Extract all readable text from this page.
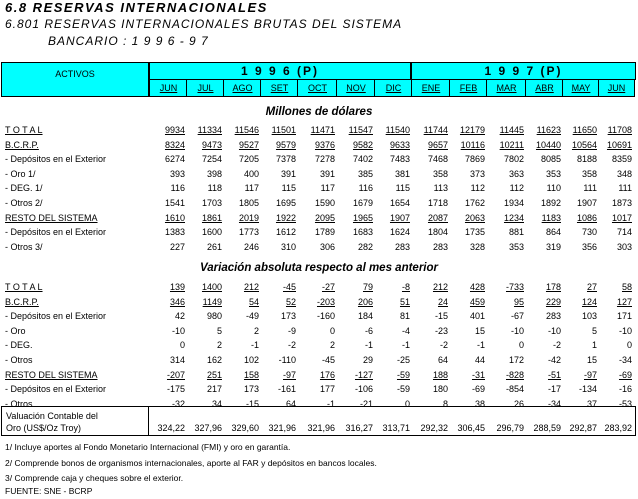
6.8 RESERVAS INTERNACIONALES
6.801 RESERVAS INTERNACIONALES BRUTAS DEL SISTEMA
BANCARIO : 1 9 9 6 - 9 7
ACTIVOS	1 9 9 6 (P)	1 9 9 7 (P)
JUN	JUL	AGO	SET	OCT	NOV	DIC	ENE	FEB	MAR	ABR	MAY	JUN
T O T A L	9934	11334	11546	11501	11471	11547	11540	11744	12179	11445	11623	11650	11708
B.C.R.P.	8324	9473	9527	9579	9376	9582	9633	9657	10116	10211	10440	10564	10691
- Depósitos en el Exterior	6274	7254	7205	7378	7278	7402	7483	7468	7869	7802	8085	8188	8359
- Oro 1/	393	398	400	391	391	385	381	358	373	363	353	358	348
- DEG. 1/	116	118	117	115	117	116	115	113	112	112	110	111	111
- Otros 2/	1541	1703	1805	1695	1590	1679	1654	1718	1762	1934	1892	1907	1873
RESTO DEL SISTEMA	1610	1861	2019	1922	2095	1965	1907	2087	2063	1234	1183	1086	1017
- Depósitos en el Exterior	1383	1600	1773	1612	1789	1683	1624	1804	1735	881	864	730	714
- Otros 3/	227	261	246	310	306	282	283	283	328	353	319	356	303
T O T A L	139	1400	212	-45	-27	79	-8	212	428	-733	178	27	58
B.C.R.P.	346	1149	54	52	-203	206	51	24	459	95	229	124	127
- Depósitos en el Exterior	42	980	-49	173	-160	184	81	-15	401	-67	283	103	171
- Oro	-10	5	2	-9	0	-6	-4	-23	15	-10	-10	5	-10
- DEG.	0	2	-1	-2	2	-1	-1	-2	-1	0	-2	1	0
- Otros	314	162	102	-110	-45	29	-25	64	44	172	-42	15	-34
RESTO DEL SISTEMA	-207	251	158	-97	176	-127	-59	188	-31	-828	-51	-97	-69
- Depósitos en el Exterior	-175	217	173	-161	177	-106	-59	180	-69	-854	-17	-134	-16
- Otros	-32	34	-15	64	-1	-21	0	8	38	26	-34	37	-53
Millones de dólares
Variación absoluta respecto al mes anterior
Valuación Contable del
Oro (US$/Oz Troy)	324,22	327,96	329,60	321,96	321,96	316,27	313,71	292,32	306,45	296,79	288,59 292,87 283,92
1/ Incluye aportes al Fondo Monetario Internacional (FMI) y oro en garantía.
2/ Comprende bonos de organismos internacionales, aporte al FAR y depósitos en bancos locales.
3/ Comprende caja y cheques sobre el exterior.
FUENTE: SNE - BCRP
